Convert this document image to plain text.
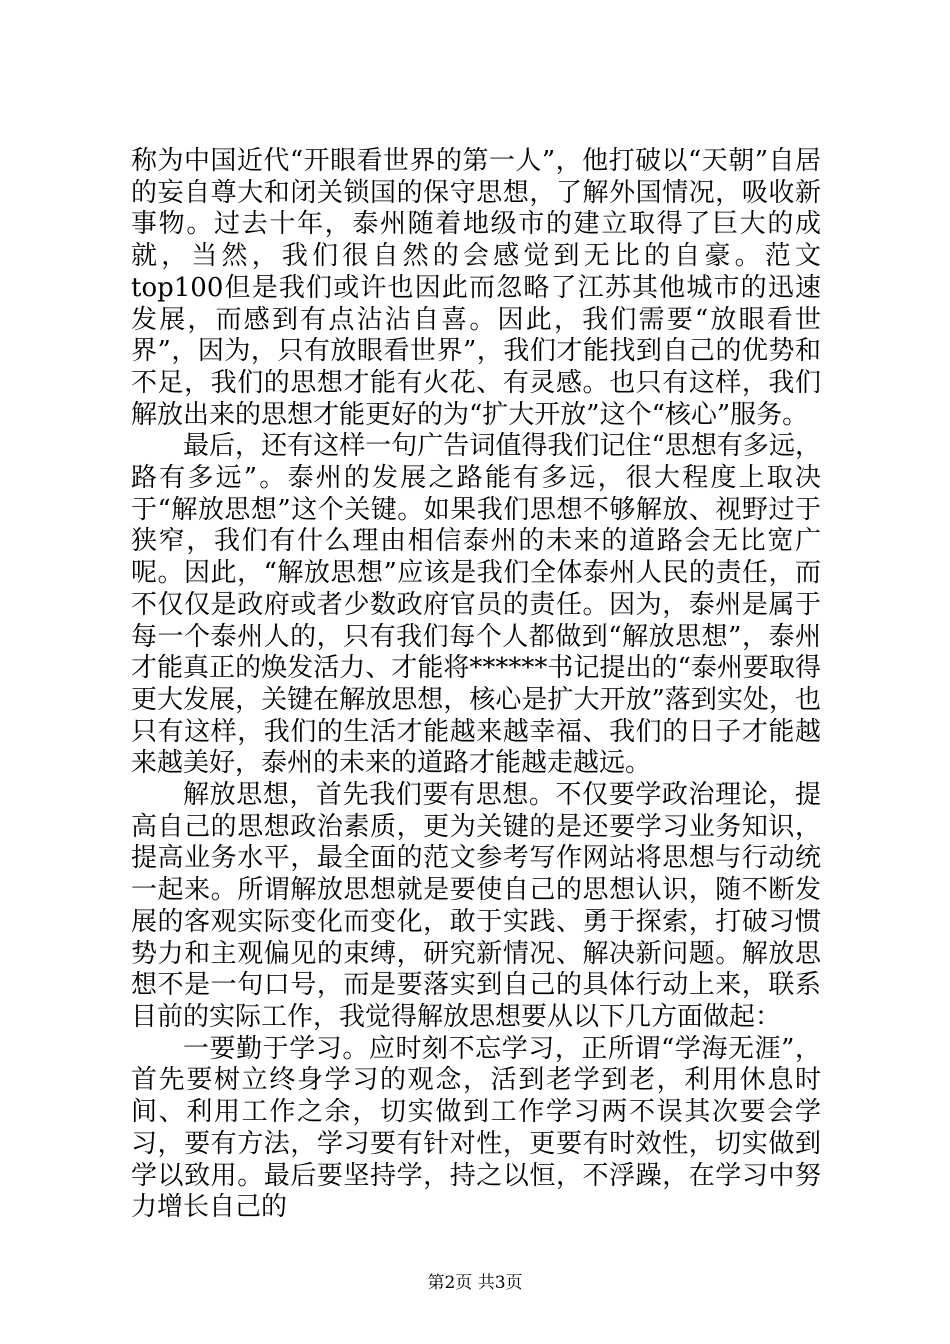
称为中国近代“开眼看世界的第一人”，他打破以“天朝”自居的妄自尊大和闭关锁国的保守思想，了解外国情况，吸收新事物。过去十年，泰州随着地级市的建立取得了巨大的成就，当然，我们很自然的会感觉到无比的自豪。范文top100但是我们或许也因此而忽略了江苏其他城市的迅速发展，而感到有点沾沾自喜。因此，我们需要“放眼看世界”，因为，只有放眼看世界”，我们才能找到自己的优势和不足，我们的思想才能有火花、有灵感。也只有这样，我们解放出来的思想才能更好的为“扩大开放”这个“核心”服务。

最后，还有这样一句广告词值得我们记住“思想有多远，路有多远”。泰州的发展之路能有多远，很大程度上取决于“解放思想”这个关键。如果我们思想不够解放、视野过于狭窄，我们有什么理由相信泰州的未来的道路会无比宽广呢。因此，“解放思想”应该是我们全体泰州人民的责任，而不仅仅是政府或者少数政府官员的责任。因为，泰州是属于每一个泰州人的，只有我们每个人都做到“解放思想”，泰州才能真正的焕发活力、才能将******书记提出的“泰州要取得更大发展，关键在解放思想，核心是扩大开放”落到实处，也只有这样，我们的生活才能越来越幸福、我们的日子才能越来越美好，泰州的未来的道路才能越走越远。

解放思想，首先我们要有思想。不仅要学政治理论，提高自己的思想政治素质，更为关键的是还要学习业务知识，提高业务水平，最全面的范文参考写作网站将思想与行动统一起来。所谓解放思想就是要使自己的思想认识，随不断发展的客观实际变化而变化，敢于实践、勇于探索，打破习惯势力和主观偏见的束缚，研究新情况、解决新问题。解放思想不是一句口号，而是要落实到自己的具体行动上来，联系目前的实际工作，我觉得解放思想要从以下几方面做起：

一要勤于学习。应时刻不忘学习，正所谓“学海无涯”，首先要树立终身学习的观念，活到老学到老，利用休息时间、利用工作之余，切实做到工作学习两不误其次要会学习，要有方法，学习要有针对性，更要有时效性，切实做到学以致用。最后要坚持学，持之以恒，不浮躁，在学习中努力增长自己的

第2页 共3页
